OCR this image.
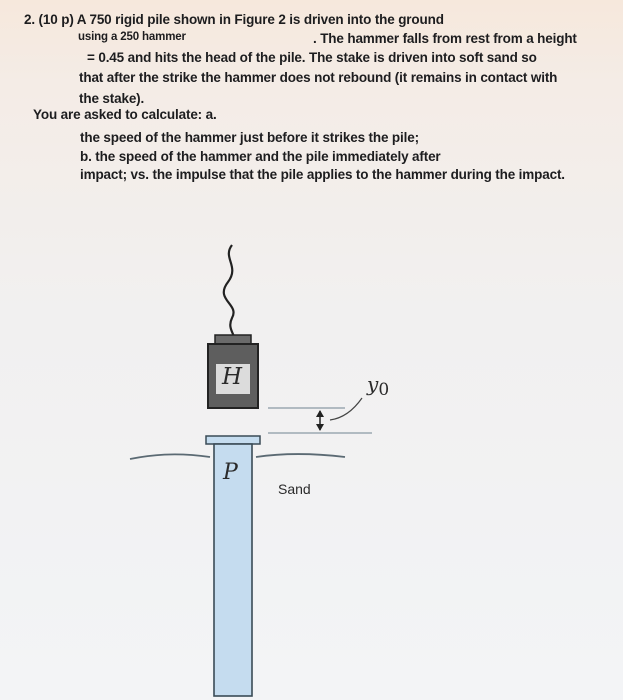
2. (10 p) A 750 rigid pile shown in Figure 2 is driven into the ground

using a 250 hammer	. The hammer falls from rest from a height

= 0.45 and hits the head of the pile. The stake is driven into soft sand so

that after the strike the hammer does not rebound (it remains in contact with

the stake).

You are asked to calculate: a.

the speed of the hammer just before it strikes the pile;

b. the speed of the hammer and the pile immediately after

impact; vs. the impulse that the pile applies to the hammer during the impact.

H
P
$y_0$
Sand
